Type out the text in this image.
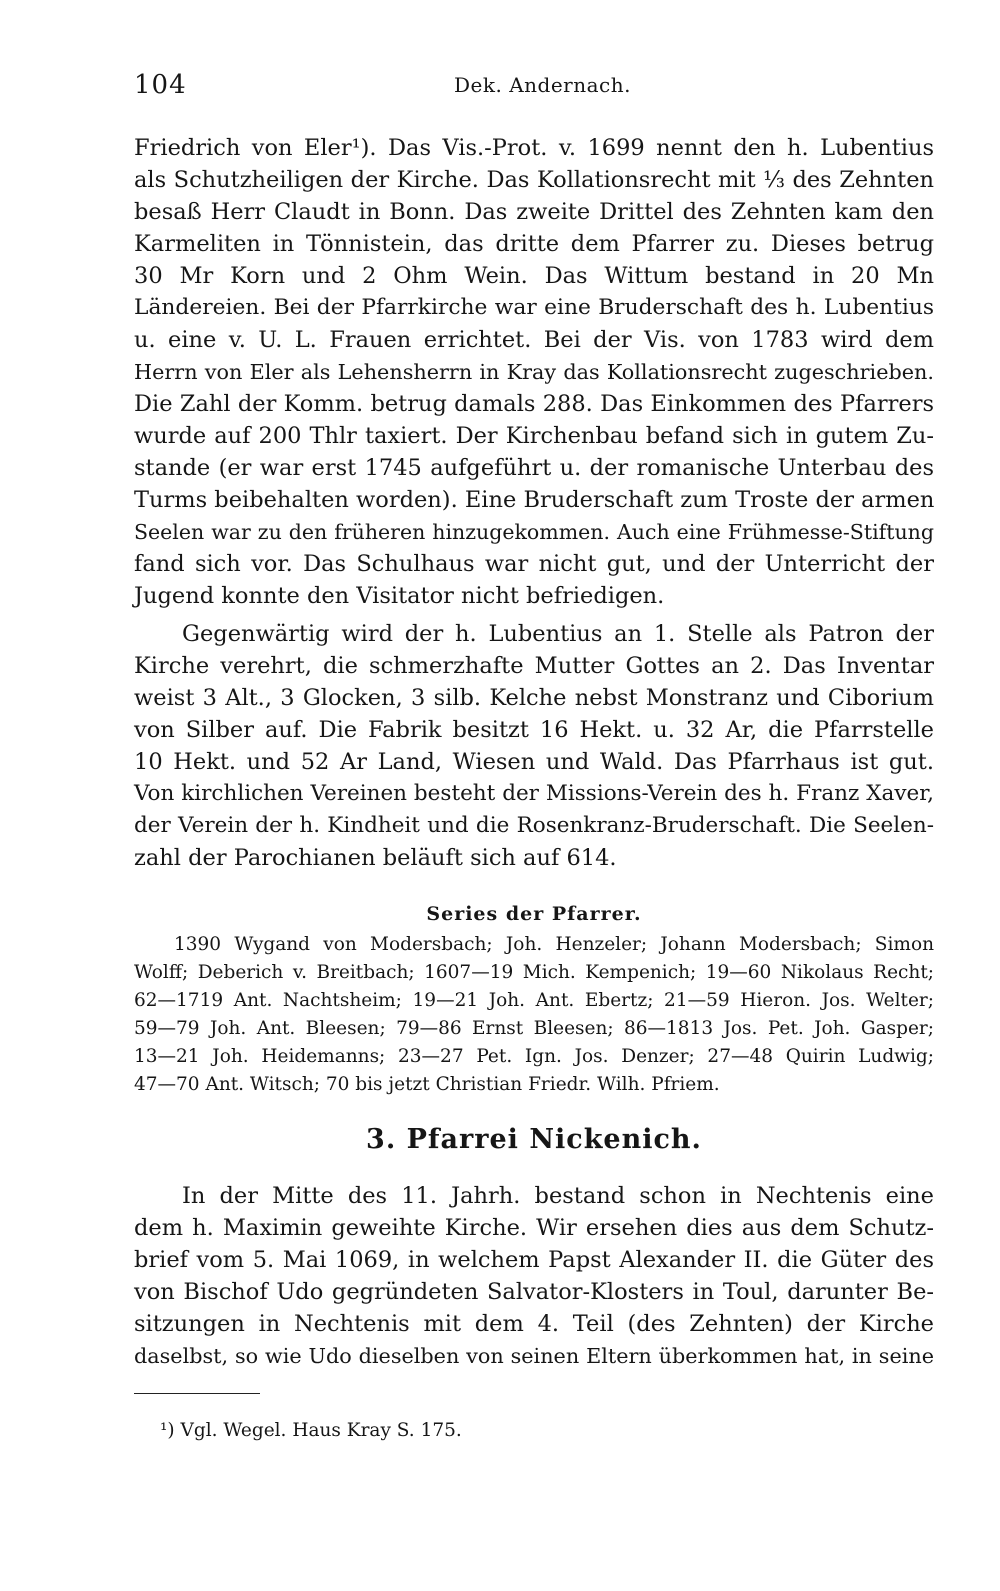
104	Dek. Andernach.
Friedrich von Eler¹). Das Vis.-Prot. v. 1699 nennt den h. Lubentius
als Schutzheiligen der Kirche. Das Kollationsrecht mit ⅓ des Zehnten
besaß Herr Claudt in Bonn. Das zweite Drittel des Zehnten kam den
Karmeliten in Tönnistein, das dritte dem Pfarrer zu. Dieses betrug
30 Mr Korn und 2 Ohm Wein. Das Wittum bestand in 20 Mn
Ländereien. Bei der Pfarrkirche war eine Bruderschaft des h. Lubentius
u. eine v. U. L. Frauen errichtet. Bei der Vis. von 1783 wird dem
Herrn von Eler als Lehensherrn in Kray das Kollationsrecht zugeschrieben.
Die Zahl der Komm. betrug damals 288. Das Einkommen des Pfarrers
wurde auf 200 Thlr taxiert. Der Kirchenbau befand sich in gutem Zu-
stande (er war erst 1745 aufgeführt u. der romanische Unterbau des
Turms beibehalten worden). Eine Bruderschaft zum Troste der armen
Seelen war zu den früheren hinzugekommen. Auch eine Frühmesse-Stiftung
fand sich vor. Das Schulhaus war nicht gut, und der Unterricht der
Jugend konnte den Visitator nicht befriedigen.
Gegenwärtig wird der h. Lubentius an 1. Stelle als Patron der
Kirche verehrt, die schmerzhafte Mutter Gottes an 2. Das Inventar
weist 3 Alt., 3 Glocken, 3 silb. Kelche nebst Monstranz und Ciborium
von Silber auf. Die Fabrik besitzt 16 Hekt. u. 32 Ar, die Pfarrstelle
10 Hekt. und 52 Ar Land, Wiesen und Wald. Das Pfarrhaus ist gut.
Von kirchlichen Vereinen besteht der Missions-Verein des h. Franz Xaver,
der Verein der h. Kindheit und die Rosenkranz-Bruderschaft. Die Seelen-
zahl der Parochianen beläuft sich auf 614.
Series der Pfarrer.
1390 Wygand von Modersbach; Joh. Henzeler; Johann Modersbach; Simon
Wolff; Deberich v. Breitbach; 1607—19 Mich. Kempenich; 19—60 Nikolaus Recht;
62—1719 Ant. Nachtsheim; 19—21 Joh. Ant. Ebertz; 21—59 Hieron. Jos. Welter;
59—79 Joh. Ant. Bleesen; 79—86 Ernst Bleesen; 86—1813 Jos. Pet. Joh. Gasper;
13—21 Joh. Heidemanns; 23—27 Pet. Ign. Jos. Denzer; 27—48 Quirin Ludwig;
47—70 Ant. Witsch; 70 bis jetzt Christian Friedr. Wilh. Pfriem.
3. Pfarrei Nickenich.
In der Mitte des 11. Jahrh. bestand schon in Nechtenis eine
dem h. Maximin geweihte Kirche. Wir ersehen dies aus dem Schutz-
brief vom 5. Mai 1069, in welchem Papst Alexander II. die Güter des
von Bischof Udo gegründeten Salvator-Klosters in Toul, darunter Be-
sitzungen in Nechtenis mit dem 4. Teil (des Zehnten) der Kirche
daselbst, so wie Udo dieselben von seinen Eltern überkommen hat, in seine
¹) Vgl. Wegel. Haus Kray S. 175.
